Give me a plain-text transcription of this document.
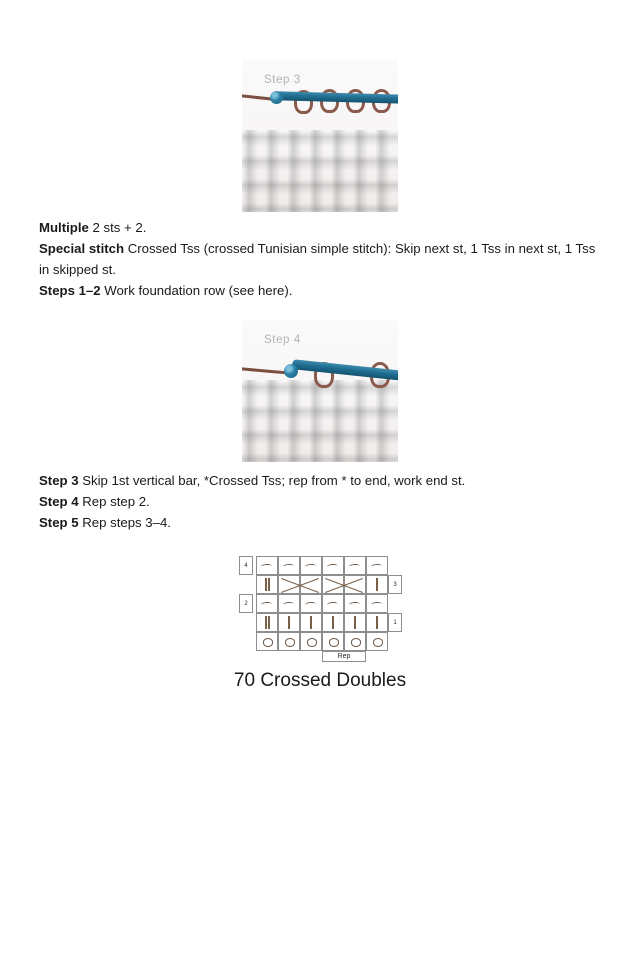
Step 3

Multiple 2 sts + 2.

Special stitch Crossed Tss (crossed Tunisian simple stitch): Skip next st, 1 Tss in next st, 1 Tss in skipped st.

Steps 1–2 Work foundation row (see here).

Step 4

Step 3 Skip 1st vertical bar, *Crossed Tss; rep from * to end, work end st.

Step 4 Rep step 2.

Step 5 Rep steps 3–4.

4
3
2
1
Rep
70 Crossed Doubles
